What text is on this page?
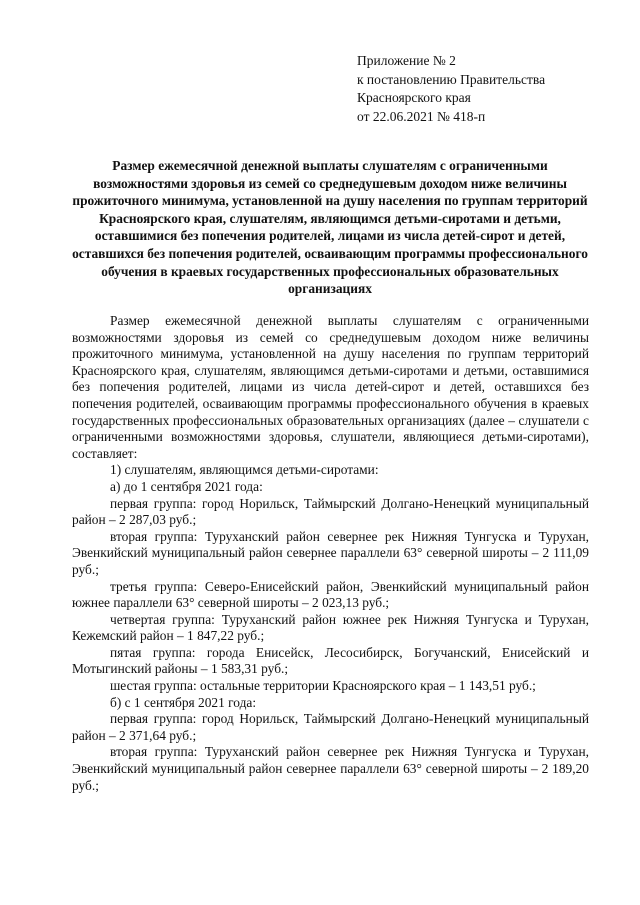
Приложение № 2
к постановлению Правительства
Красноярского края
от 22.06.2021 № 418-п
Размер ежемесячной денежной выплаты слушателям с ограниченными возможностями здоровья из семей со среднедушевым доходом ниже величины прожиточного минимума, установленной на душу населения по группам территорий Красноярского края, слушателям, являющимся детьми-сиротами и детьми, оставшимися без попечения родителей, лицами из числа детей-сирот и детей, оставшихся без попечения родителей, осваивающим программы профессионального обучения в краевых государственных профессиональных образовательных организациях

Размер ежемесячной денежной выплаты слушателям с ограниченными возможностями здоровья из семей со среднедушевым доходом ниже величины прожиточного минимума, установленной на душу населения по группам территорий Красноярского края, слушателям, являющимся детьми-сиротами и детьми, оставшимися без попечения родителей, лицами из числа детей-сирот и детей, оставшихся без попечения родителей, осваивающим программы профессионального обучения в краевых государственных профессиональных образовательных организациях (далее – слушатели с ограниченными возможностями здоровья, слушатели, являющиеся детьми-сиротами), составляет:

1) слушателям, являющимся детьми-сиротами:

а) до 1 сентября 2021 года:

первая группа: город Норильск, Таймырский Долгано-Ненецкий муниципальный район – 2 287,03 руб.;

вторая группа: Туруханский район севернее рек Нижняя Тунгуска и Турухан, Эвенкийский муниципальный район севернее параллели 63° северной широты – 2 111,09 руб.;

третья группа: Северо-Енисейский район, Эвенкийский муниципальный район южнее параллели 63° северной широты – 2 023,13 руб.;

четвертая группа: Туруханский район южнее рек Нижняя Тунгуска и Турухан, Кежемский район – 1 847,22 руб.;

пятая группа: города Енисейск, Лесосибирск, Богучанский, Енисейский и Мотыгинский районы – 1 583,31 руб.;

шестая группа: остальные территории Красноярского края – 1 143,51 руб.;

б) с 1 сентября 2021 года:

первая группа: город Норильск, Таймырский Долгано-Ненецкий муниципальный район – 2 371,64 руб.;

вторая группа: Туруханский район севернее рек Нижняя Тунгуска и Турухан, Эвенкийский муниципальный район севернее параллели 63° северной широты – 2 189,20 руб.;
